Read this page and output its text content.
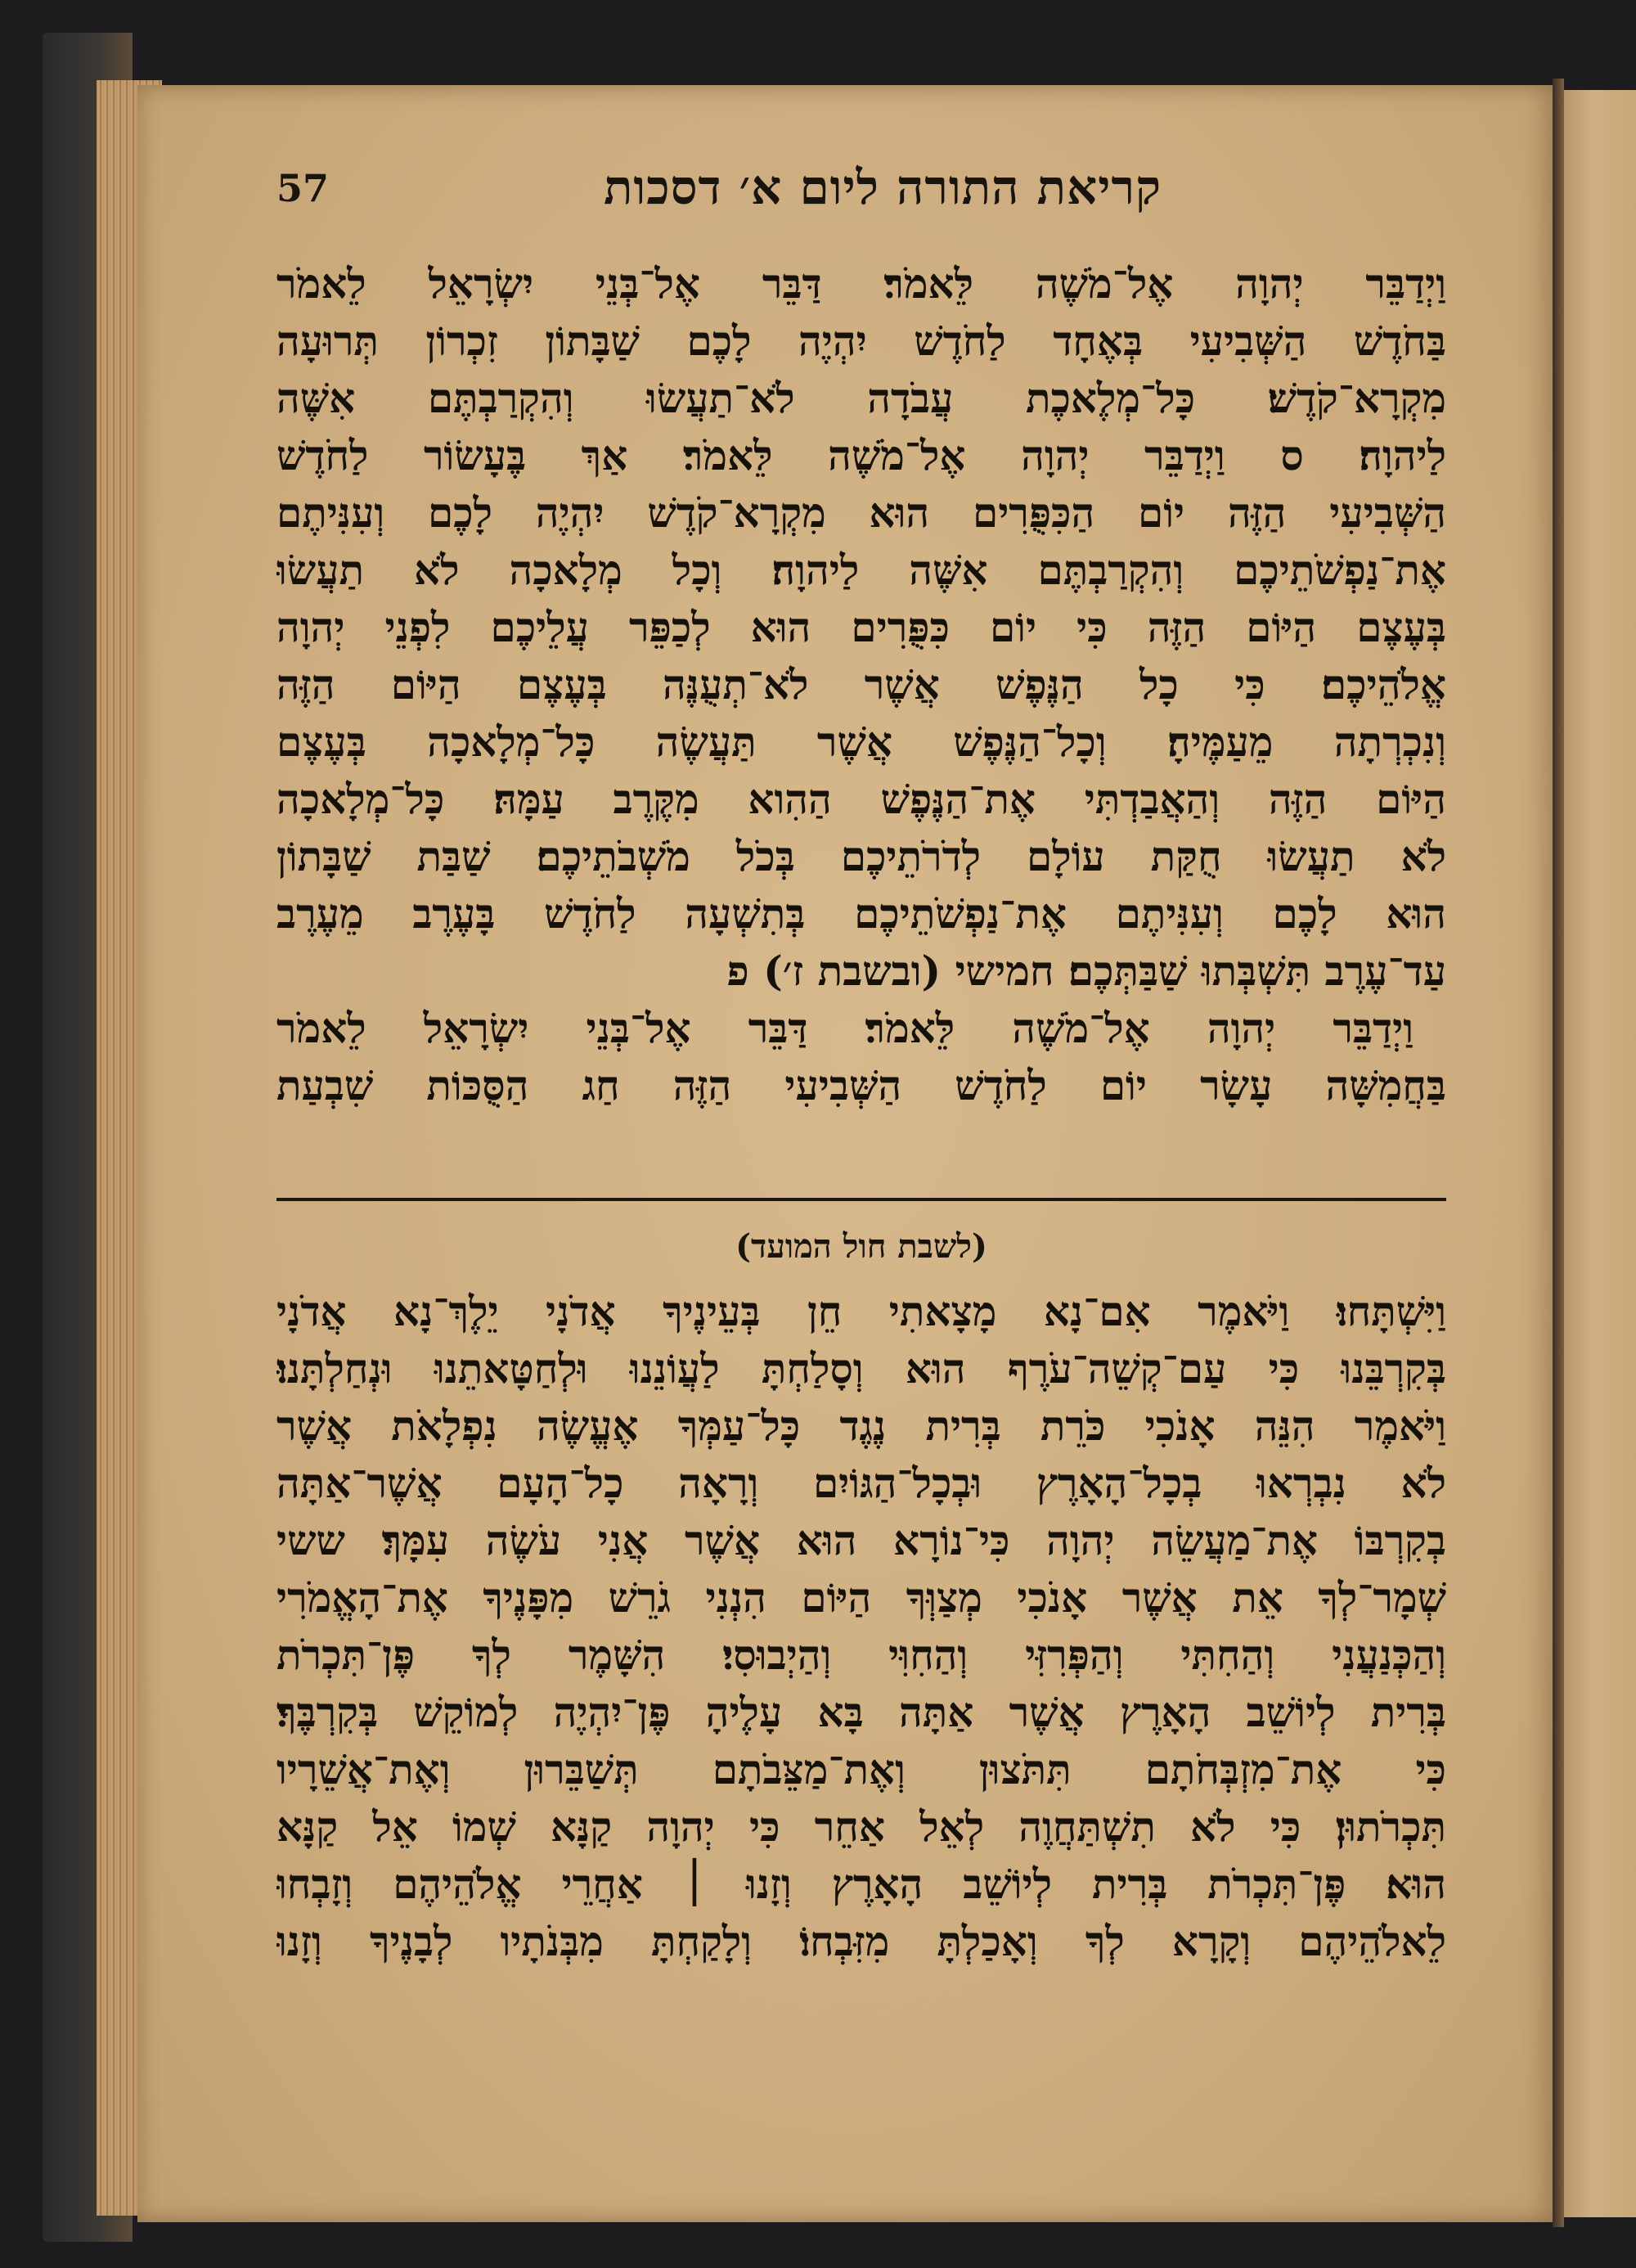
57	קריאת התורה ליום א׳ דסכות
וַיְדַבֵּר יְהוָה אֶל־מֹשֶׁה לֵּאמֹר׃ דַּבֵּר אֶל־בְּנֵי יִשְׂרָאֵל לֵאמֹר
בַּחֹדֶשׁ הַשְּׁבִיעִי בְּאֶחָד לַחֹדֶשׁ יִהְיֶה לָכֶם שַׁבָּתוֹן זִכְרוֹן תְּרוּעָה
מִקְרָא־קֹדֶשׁ׃ כָּל־מְלֶאכֶת עֲבֹדָה לֹא־תַעֲשׂוּ וְהִקְרַבְתֶּם אִשֶּׁה
לַיהוָה׃ ס וַיְדַבֵּר יְהוָה אֶל־מֹשֶׁה לֵּאמֹר׃ אַךְ בֶּעָשׂוֹר לַחֹדֶשׁ
הַשְּׁבִיעִי הַזֶּה יוֹם הַכִּפֻּרִים הוּא מִקְרָא־קֹדֶשׁ יִהְיֶה לָכֶם וְעִנִּיתֶם
אֶת־נַפְשֹׁתֵיכֶם וְהִקְרַבְתֶּם אִשֶּׁה לַיהוָה׃ וְכָל מְלָאכָה לֹא תַעֲשׂוּ
בְּעֶצֶם הַיּוֹם הַזֶּה כִּי יוֹם כִּפֻּרִים הוּא לְכַפֵּר עֲלֵיכֶם לִפְנֵי יְהוָה
אֱלֹהֵיכֶם׃ כִּי כָל הַנֶּפֶשׁ אֲשֶׁר לֹא־תְעֻנֶּה בְּעֶצֶם הַיּוֹם הַזֶּה
וְנִכְרְתָה מֵעַמֶּיהָ׃ וְכָל־הַנֶּפֶשׁ אֲשֶׁר תַּעֲשֶׂה כָּל־מְלָאכָה בְּעֶצֶם
הַיּוֹם הַזֶּה וְהַאֲבַדְתִּי אֶת־הַנֶּפֶשׁ הַהִוא מִקֶּרֶב עַמָּהּ׃ כָּל־מְלָאכָה
לֹא תַעֲשׂוּ חֻקַּת עוֹלָם לְדֹרֹתֵיכֶם בְּכֹל מֹשְׁבֹתֵיכֶם׃ שַׁבַּת שַׁבָּתוֹן
הוּא לָכֶם וְעִנִּיתֶם אֶת־נַפְשֹׁתֵיכֶם בְּתִשְׁעָה לַחֹדֶשׁ בָּעֶרֶב מֵעֶרֶב
עַד־עֶרֶב תִּשְׁבְּתוּ שַׁבַּתְּכֶם׃ חמישי (ובשבת ז׳) פ
וַיְדַבֵּר יְהוָה אֶל־מֹשֶׁה לֵּאמֹר׃ דַּבֵּר אֶל־בְּנֵי יִשְׂרָאֵל לֵאמֹר
בַּחֲמִשָּׁה עָשָׂר יוֹם לַחֹדֶשׁ הַשְּׁבִיעִי הַזֶּה חַג הַסֻּכּוֹת שִׁבְעַת
(לשבת חול המועד)
וַיִּשְׁתָּחוּ׃ וַיֹּאמֶר אִם־נָא מָצָאתִי חֵן בְּעֵינֶיךָ אֲדֹנָי יֵלֶךְ־נָא אֲדֹנָי
בְּקִרְבֵּנוּ כִּי עַם־קְשֵׁה־עֹרֶף הוּא וְסָלַחְתָּ לַעֲוֹנֵנוּ וּלְחַטָּאתֵנוּ וּנְחַלְתָּנוּ׃
וַיֹּאמֶר הִנֵּה אָנֹכִי כֹּרֵת בְּרִית נֶגֶד כָּל־עַמְּךָ אֶעֱשֶׂה נִפְלָאֹת אֲשֶׁר
לֹא נִבְרְאוּ בְכָל־הָאָרֶץ וּבְכָל־הַגּוֹיִם וְרָאָה כָל־הָעָם אֲשֶׁר־אַתָּה
בְקִרְבּוֹ אֶת־מַעֲשֵׂה יְהוָה כִּי־נוֹרָא הוּא אֲשֶׁר אֲנִי עֹשֶׂה עִמָּךְ׃ ששי
שְׁמָר־לְךָ אֵת אֲשֶׁר אָנֹכִי מְצַוְּךָ הַיּוֹם הִנְנִי גֹרֵשׁ מִפָּנֶיךָ אֶת־הָאֱמֹרִי
וְהַכְּנַעֲנִי וְהַחִתִּי וְהַפְּרִזִּי וְהַחִוִּי וְהַיְבוּסִי׃ הִשָּׁמֶר לְךָ פֶּן־תִּכְרֹת
בְּרִית לְיוֹשֵׁב הָאָרֶץ אֲשֶׁר אַתָּה בָּא עָלֶיהָ פֶּן־יִהְיֶה לְמוֹקֵשׁ בְּקִרְבֶּךָ׃
כִּי אֶת־מִזְבְּחֹתָם תִּתֹּצוּן וְאֶת־מַצֵּבֹתָם תְּשַׁבֵּרוּן וְאֶת־אֲשֵׁרָיו
תִּכְרֹתוּן׃ כִּי לֹא תִשְׁתַּחֲוֶה לְאֵל אַחֵר כִּי יְהוָה קַנָּא שְׁמוֹ אֵל קַנָּא
הוּא׃ פֶּן־תִּכְרֹת בְּרִית לְיוֹשֵׁב הָאָרֶץ וְזָנוּ ׀ אַחֲרֵי אֱלֹהֵיהֶם וְזָבְחוּ
לֵאלֹהֵיהֶם וְקָרָא לְךָ וְאָכַלְתָּ מִזִּבְחוֹ׃ וְלָקַחְתָּ מִבְּנֹתָיו לְבָנֶיךָ וְזָנוּ
